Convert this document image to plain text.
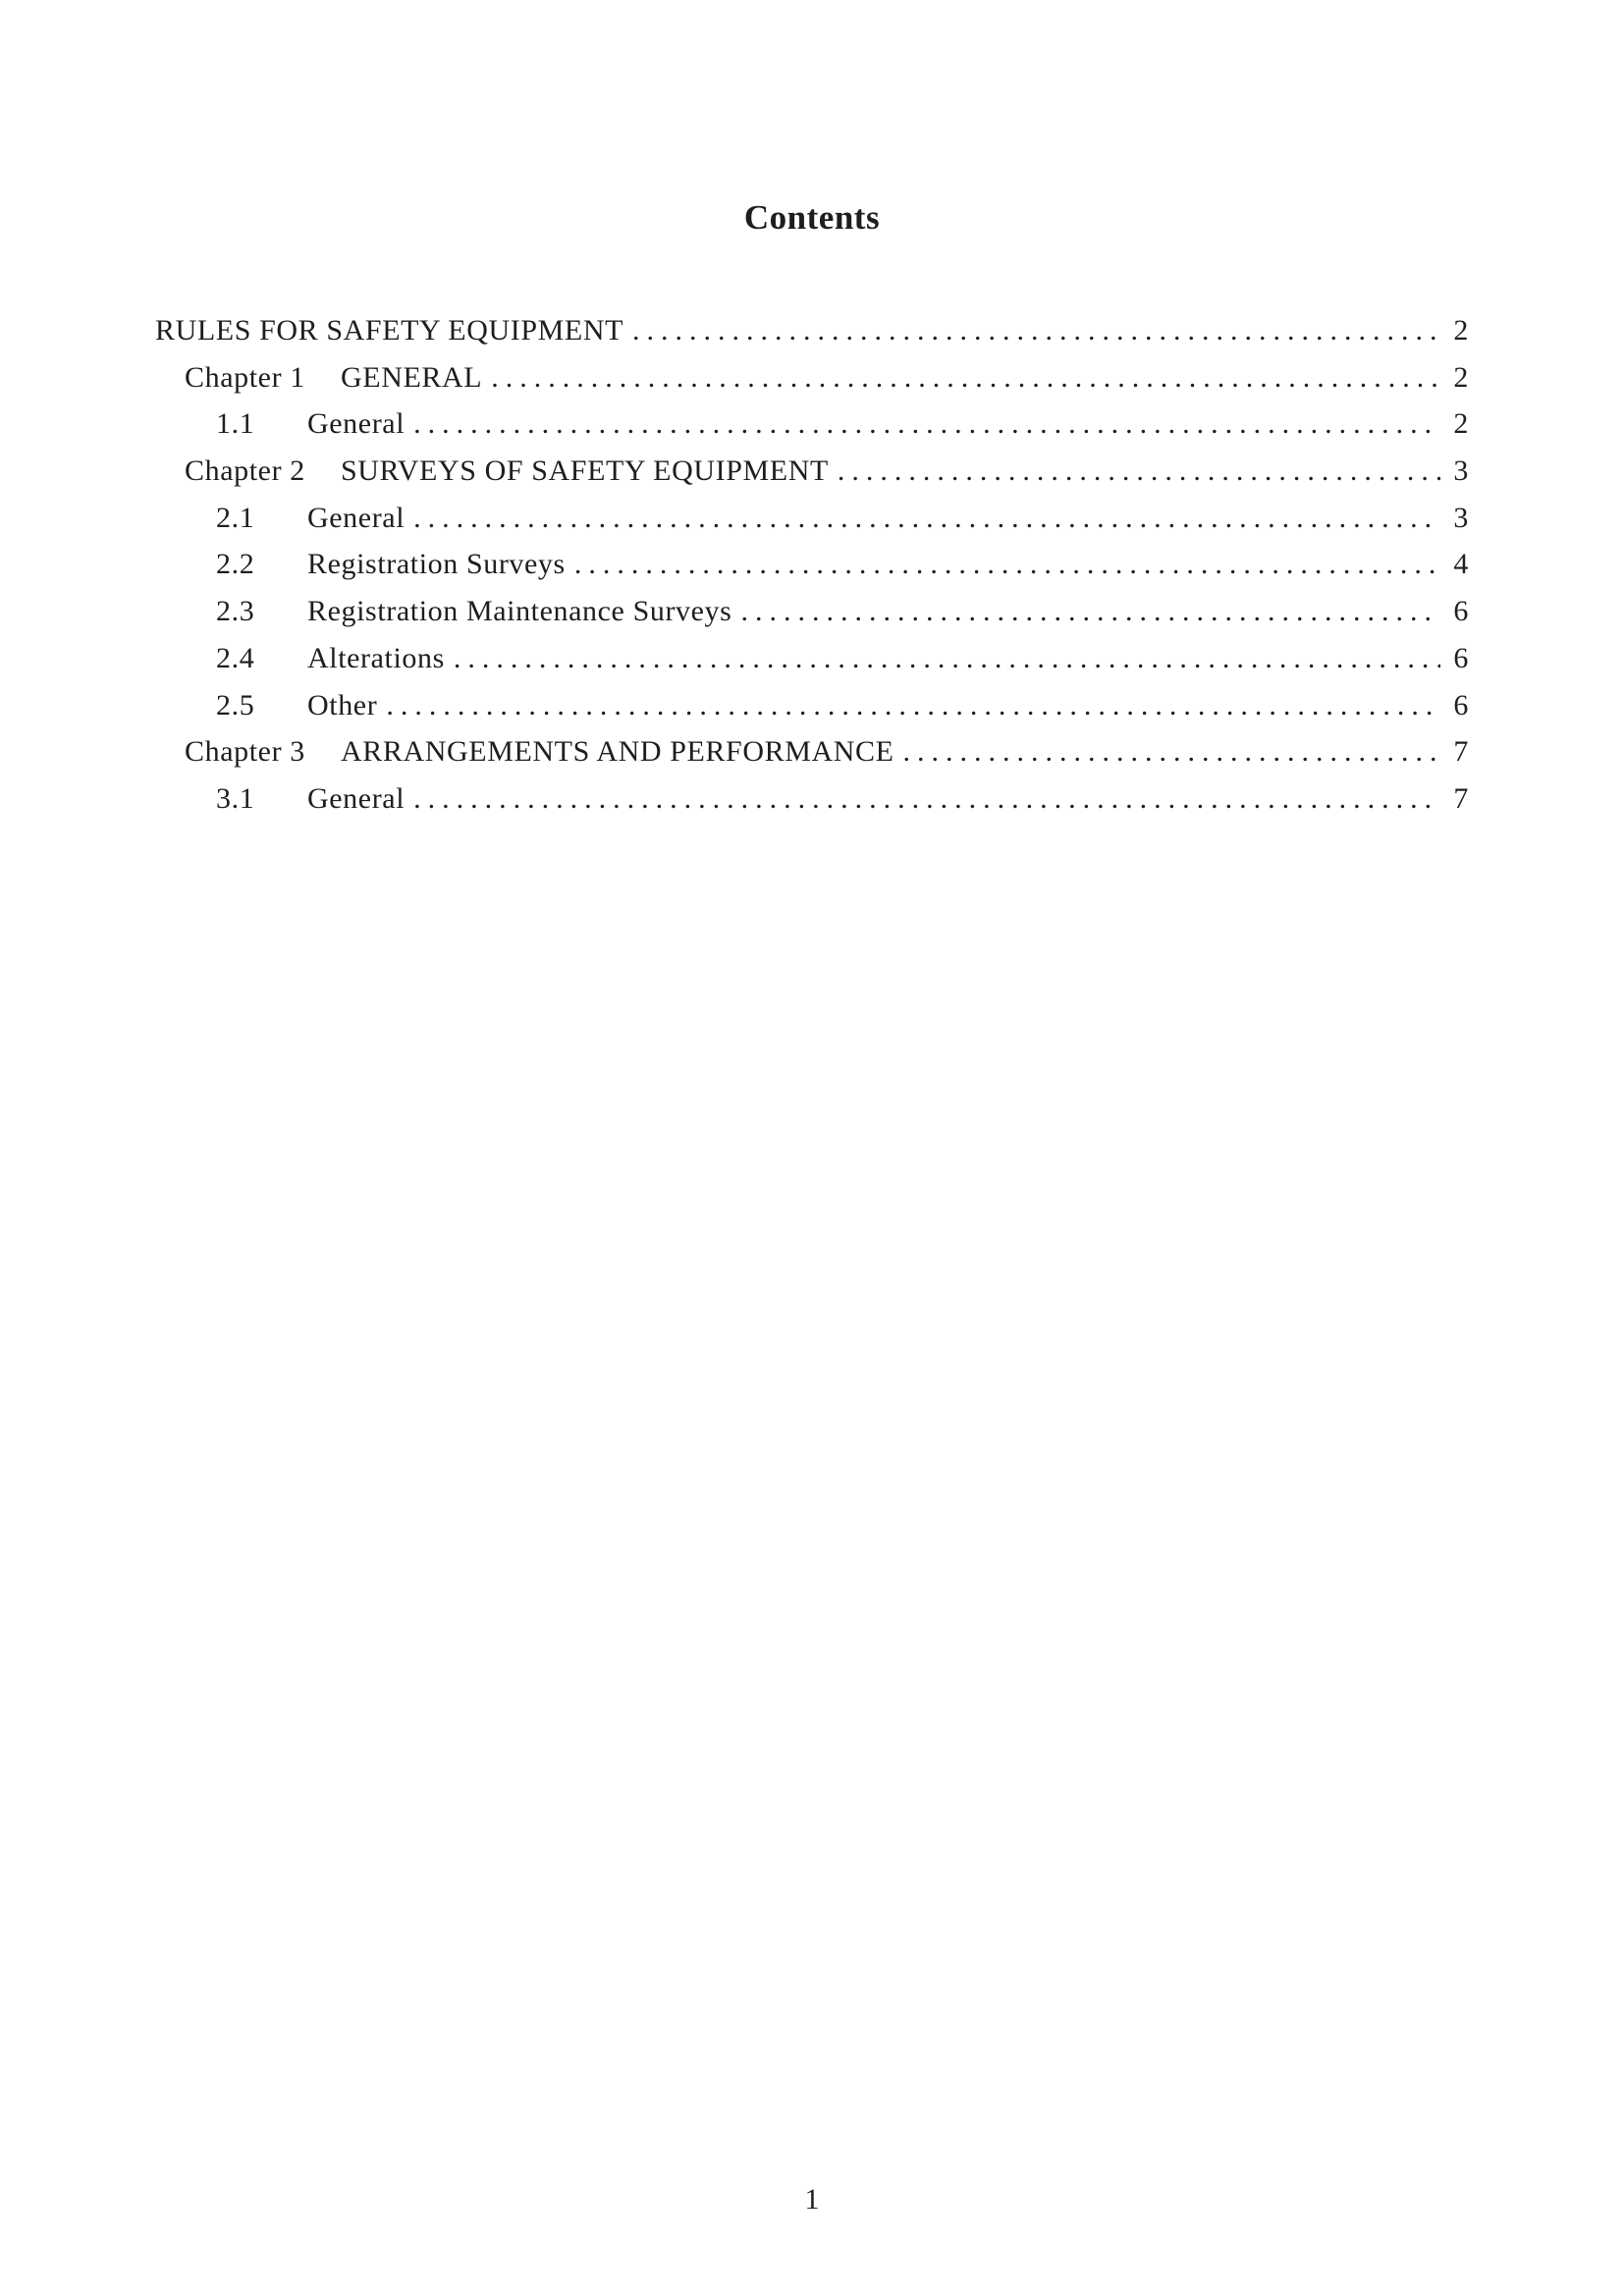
Contents
RULES FOR SAFETY EQUIPMENT .....	2
Chapter 1	GENERAL .....	2
1.1	General .....	2
Chapter 2	SURVEYS OF SAFETY EQUIPMENT .....	3
2.1	General .....	3
2.2	Registration Surveys .....	4
2.3	Registration Maintenance Surveys .....	6
2.4	Alterations .....	6
2.5	Other .....	6
Chapter 3	ARRANGEMENTS AND PERFORMANCE .....	7
3.1	General .....	7
1
